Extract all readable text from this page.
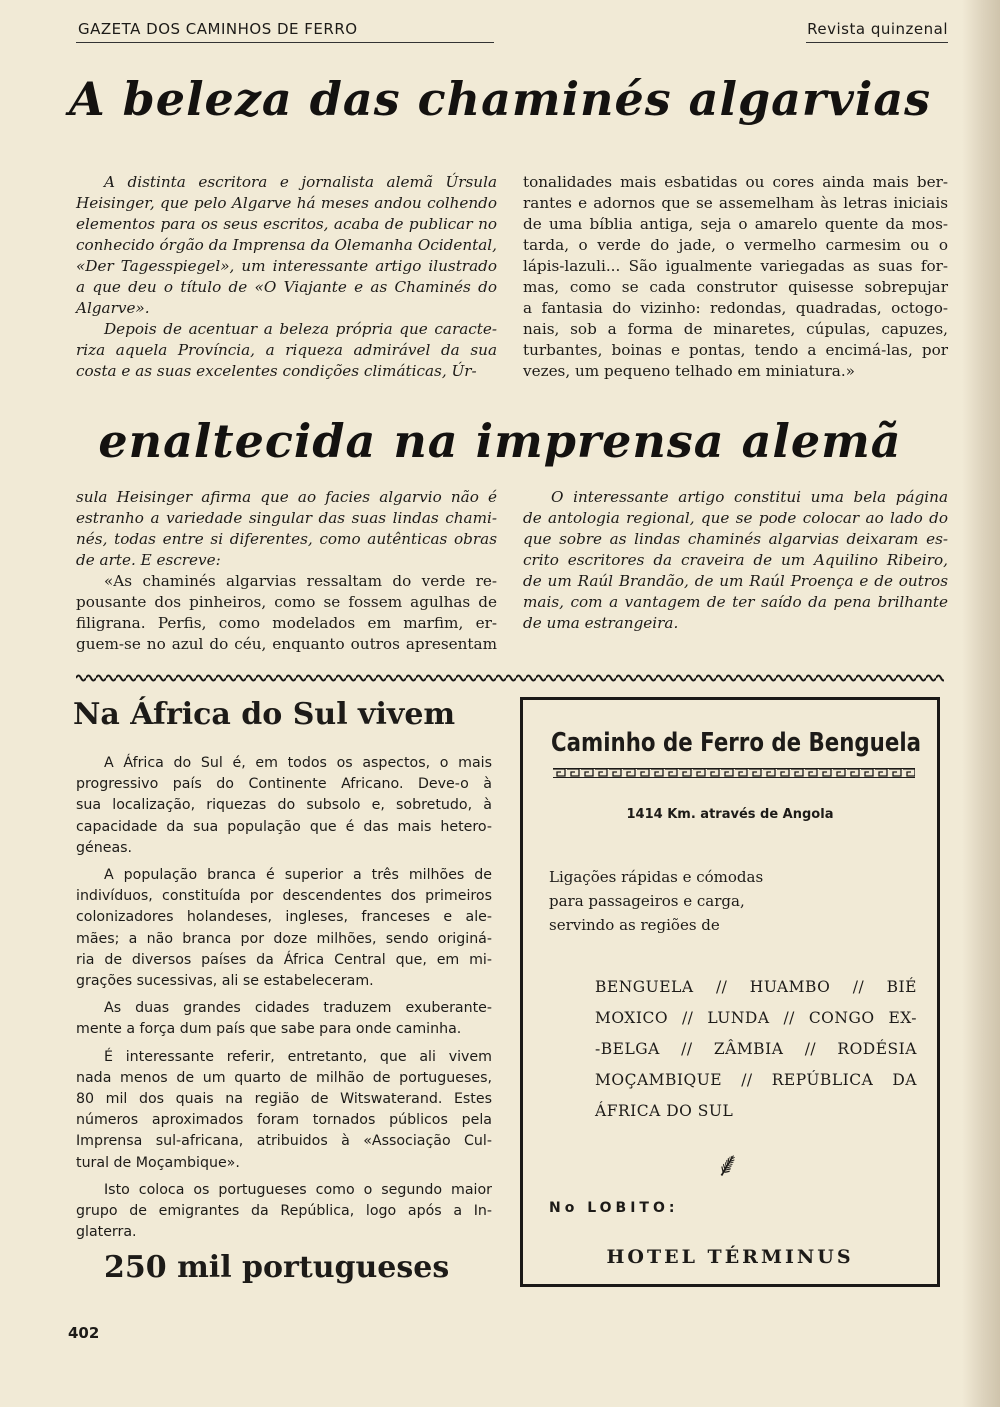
GAZETA DOS CAMINHOS DE FERRO	Revista quinzenal
A beleza das chaminés algarvias
A distinta escritora e jornalista alemã Úrsula
Heisinger, que pelo Algarve há meses andou colhendo
elementos para os seus escritos, acaba de publicar no
conhecido órgão da Imprensa da Olemanha Ocidental,
«Der Tagesspiegel», um interessante artigo ilustrado
a que deu o título de «O Viajante e as Chaminés do
Algarve».
Depois de acentuar a beleza própria que caracte-
riza aquela Província, a riqueza admirável da sua
costa e as suas excelentes condições climáticas, Úr-
tonalidades mais esbatidas ou cores ainda mais ber-
rantes e adornos que se assemelham às letras iniciais
de uma bíblia antiga, seja o amarelo quente da mos-
tarda, o verde do jade, o vermelho carmesim ou o
lápis-lazuli... São igualmente variegadas as suas for-
mas, como se cada construtor quisesse sobrepujar
a fantasia do vizinho: redondas, quadradas, octogo-
nais, sob a forma de minaretes, cúpulas, capuzes,
turbantes, boinas e pontas, tendo a encimá-las, por
vezes, um pequeno telhado em miniatura.»
enaltecida na imprensa alemã
sula Heisinger afirma que ao facies algarvio não é
estranho a variedade singular das suas lindas chami-
nés, todas entre si diferentes, como autênticas obras
de arte. E escreve:
«As chaminés algarvias ressaltam do verde re-
pousante dos pinheiros, como se fossem agulhas de
filigrana. Perfis, como modelados em marfim, er-
guem-se no azul do céu, enquanto outros apresentam
O interessante artigo constitui uma bela página
de antologia regional, que se pode colocar ao lado do
que sobre as lindas chaminés algarvias deixaram es-
crito escritores da craveira de um Aquilino Ribeiro,
de um Raúl Brandão, de um Raúl Proença e de outros
mais, com a vantagem de ter saído da pena brilhante
de uma estrangeira.
Na África do Sul vivem
A África do Sul é, em todos os aspectos, o mais
progressivo país do Continente Africano. Deve-o à
sua localização, riquezas do subsolo e, sobretudo, à
capacidade da sua população que é das mais hetero-
géneas.
A população branca é superior a três milhões de
indivíduos, constituída por descendentes dos primeiros
colonizadores holandeses, ingleses, franceses e ale-
mães; a não branca por doze milhões, sendo originá-
ria de diversos países da África Central que, em mi-
grações sucessivas, ali se estabeleceram.
As duas grandes cidades traduzem exuberante-
mente a força dum país que sabe para onde caminha.
É interessante referir, entretanto, que ali vivem
nada menos de um quarto de milhão de portugueses,
80 mil dos quais na região de Witswaterand. Estes
números aproximados foram tornados públicos pela
Imprensa sul-africana, atribuidos à «Associação Cul-
tural de Moçambique».
Isto coloca os portugueses como o segundo maior
grupo de emigrantes da República, logo após a In-
glaterra.
250 mil portugueses
Caminho de Ferro de Benguela
1414 Km. através de Angola
Ligações rápidas e cómodas
para passageiros e carga,
servindo as regiões de
BENGUELA // HUAMBO // BIÉ
MOXICO // LUNDA // CONGO EX-
-BELGA // ZÂMBIA // RODÉSIA
MOÇAMBIQUE // REPÚBLICA DA
ÁFRICA DO SUL
⸙
No LOBITO:
HOTEL TÉRMINUS
402
